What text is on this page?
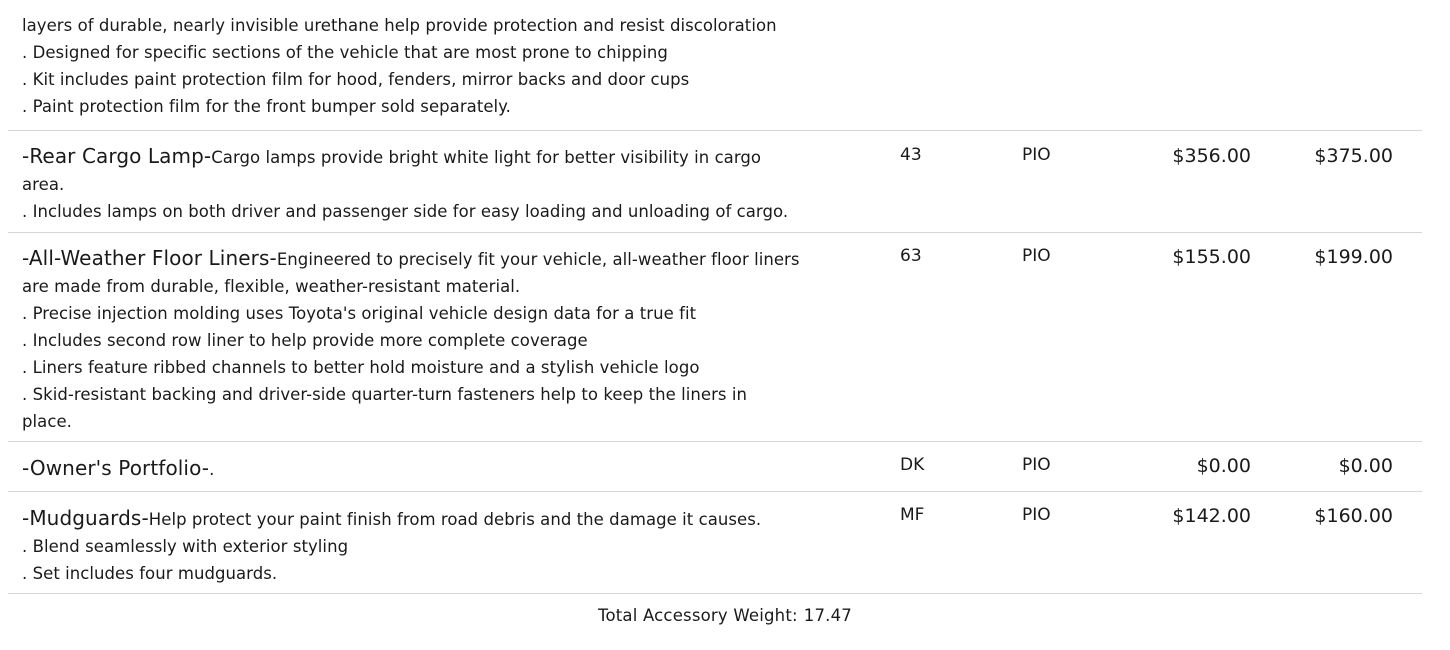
layers of durable, nearly invisible urethane help provide protection and resist discoloration
. Designed for specific sections of the vehicle that are most prone to chipping
. Kit includes paint protection film for hood, fenders, mirror backs and door cups
. Paint protection film for the front bumper sold separately.
-Rear Cargo Lamp-Cargo lamps provide bright white light for better visibility in cargo
area.
. Includes lamps on both driver and passenger side for easy loading and unloading of cargo.
43	PIO	$356.00	$375.00
-All-Weather Floor Liners-Engineered to precisely fit your vehicle, all-weather floor liners
are made from durable, flexible, weather-resistant material.
. Precise injection molding uses Toyota's original vehicle design data for a true fit
. Includes second row liner to help provide more complete coverage
. Liners feature ribbed channels to better hold moisture and a stylish vehicle logo
. Skid-resistant backing and driver-side quarter-turn fasteners help to keep the liners in
place.
63	PIO	$155.00	$199.00
-Owner's Portfolio-.	DK	PIO	$0.00	$0.00
-Mudguards-Help protect your paint finish from road debris and the damage it causes.
. Blend seamlessly with exterior styling
. Set includes four mudguards.
MF	PIO	$142.00	$160.00
Total Accessory Weight: 17.47
